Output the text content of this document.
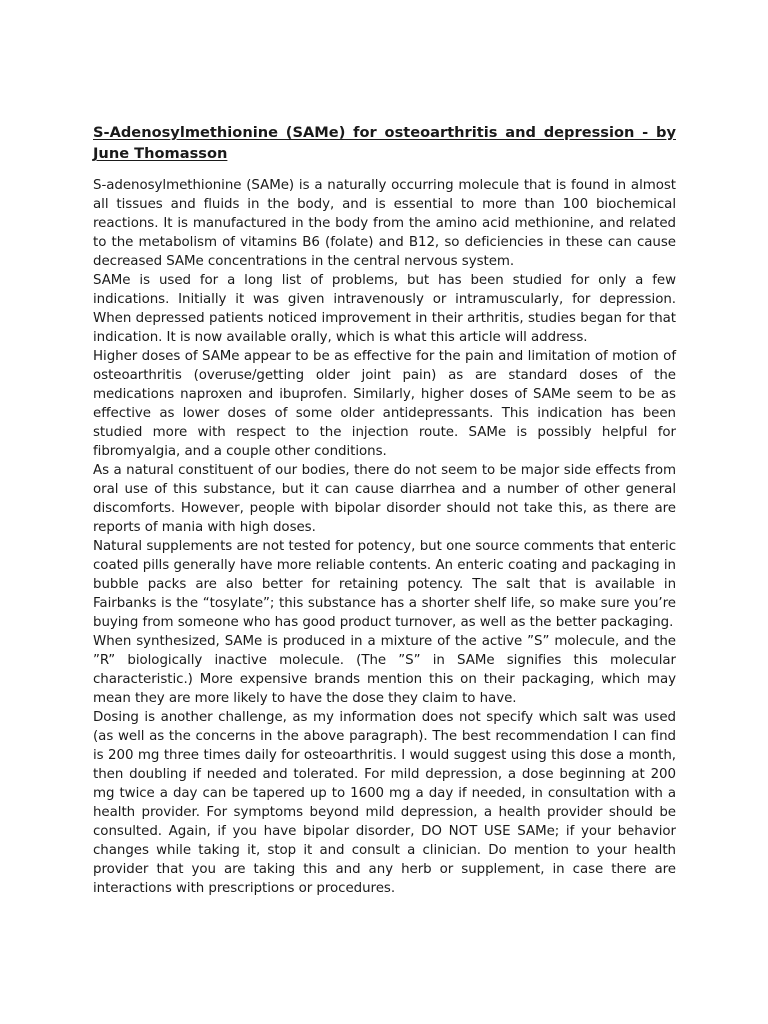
S-Adenosylmethionine (SAMe) for osteoarthritis and depression - by June Thomasson

S-adenosylmethionine (SAMe) is a naturally occurring molecule that is found in almost all tissues and fluids in the body, and is essential to more than 100 biochemical reactions. It is manufactured in the body from the amino acid methionine, and related to the metabolism of vitamins B6 (folate) and B12, so deficiencies in these can cause decreased SAMe concentrations in the central nervous system.

SAMe is used for a long list of problems, but has been studied for only a few indications. Initially it was given intravenously or intramuscularly, for depression. When depressed patients noticed improvement in their arthritis, studies began for that indication. It is now available orally, which is what this article will address.

Higher doses of SAMe appear to be as effective for the pain and limitation of motion of osteoarthritis (overuse/getting older joint pain) as are standard doses of the medications naproxen and ibuprofen. Similarly, higher doses of SAMe seem to be as effective as lower doses of some older antidepressants. This indication has been studied more with respect to the injection route. SAMe is possibly helpful for fibromyalgia, and a couple other conditions.

As a natural constituent of our bodies, there do not seem to be major side effects from oral use of this substance, but it can cause diarrhea and a number of other general discomforts. However, people with bipolar disorder should not take this, as there are reports of mania with high doses.

Natural supplements are not tested for potency, but one source comments that enteric coated pills generally have more reliable contents. An enteric coating and packaging in bubble packs are also better for retaining potency. The salt that is available in Fairbanks is the “tosylate”; this substance has a shorter shelf life, so make sure you’re buying from someone who has good product turnover, as well as the better packaging.

When synthesized, SAMe is produced in a mixture of the active ”S” molecule, and the ”R” biologically inactive molecule. (The ”S” in SAMe signifies this molecular characteristic.) More expensive brands mention this on their packaging, which may mean they are more likely to have the dose they claim to have.

Dosing is another challenge, as my information does not specify which salt was used (as well as the concerns in the above paragraph). The best recommendation I can find is 200 mg three times daily for osteoarthritis. I would suggest using this dose a month, then doubling if needed and tolerated. For mild depression, a dose beginning at 200 mg twice a day can be tapered up to 1600 mg a day if needed, in consultation with a health provider. For symptoms beyond mild depression, a health provider should be consulted. Again, if you have bipolar disorder, DO NOT USE SAMe; if your behavior changes while taking it, stop it and consult a clinician. Do mention to your health provider that you are taking this and any herb or supplement, in case there are interactions with prescriptions or procedures.
